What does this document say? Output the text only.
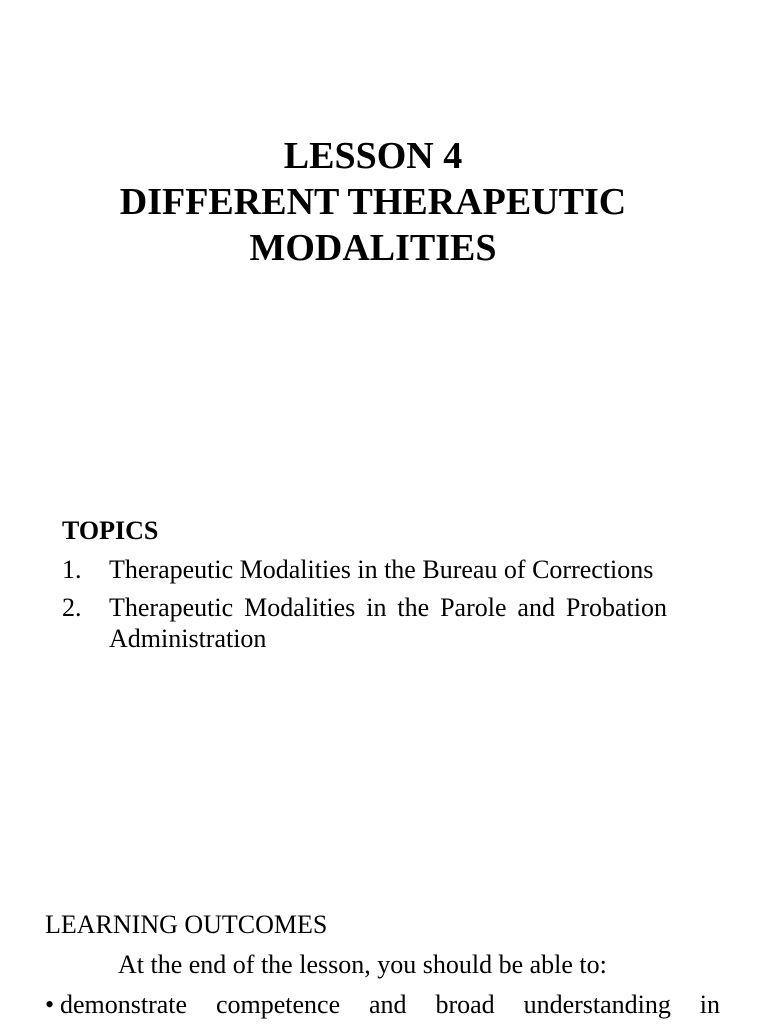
LESSON 4
DIFFERENT THERAPEUTIC
MODALITIES
TOPICS
1.	Therapeutic Modalities in the Bureau of Corrections
2.	Therapeutic Modalities in the Parole and Probation Administration
LEARNING OUTCOMES
At the end of the lesson, you should be able to:
• demonstrate competence and broad understanding in
